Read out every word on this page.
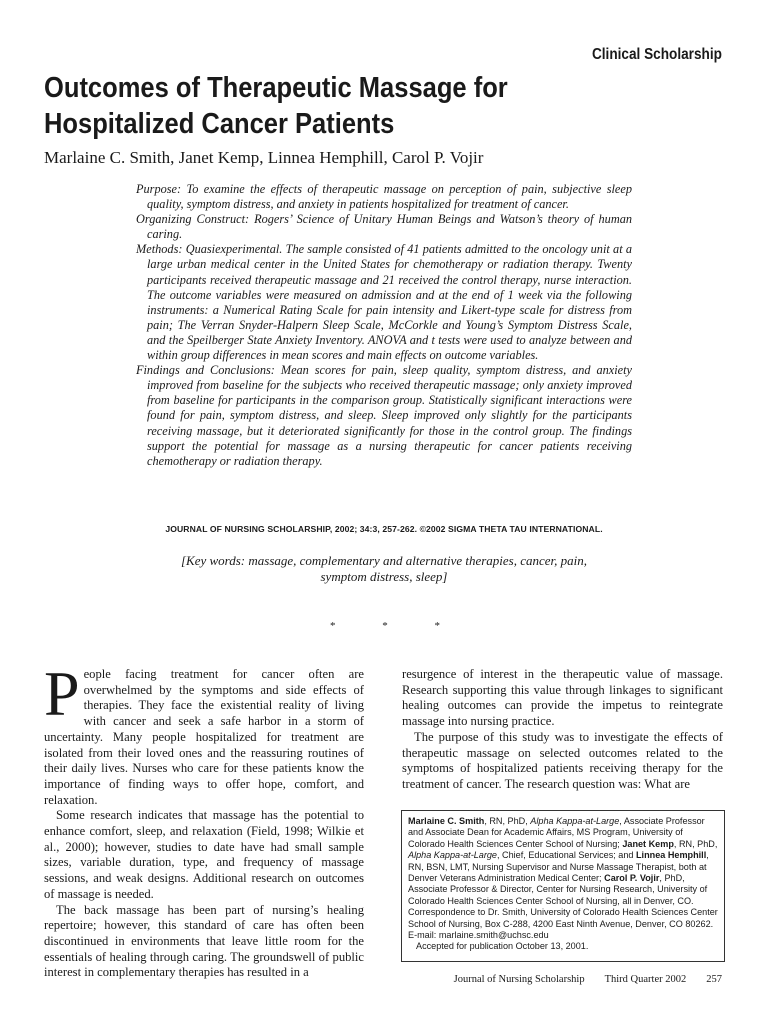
Clinical Scholarship
Outcomes of Therapeutic Massage for Hospitalized Cancer Patients
Marlaine C. Smith, Janet Kemp, Linnea Hemphill, Carol P. Vojir

Purpose: To examine the effects of therapeutic massage on perception of pain, subjective sleep quality, symptom distress, and anxiety in patients hospitalized for treatment of cancer.

Organizing Construct: Rogers’ Science of Unitary Human Beings and Watson’s theory of human caring.

Methods: Quasiexperimental. The sample consisted of 41 patients admitted to the oncology unit at a large urban medical center in the United States for chemotherapy or radiation therapy. Twenty participants received therapeutic massage and 21 received the control therapy, nurse interaction. The outcome variables were measured on admission and at the end of 1 week via the following instruments: a Numerical Rating Scale for pain intensity and Likert-type scale for distress from pain; The Verran Snyder-Halpern Sleep Scale, McCorkle and Young’s Symptom Distress Scale, and the Speilberger State Anxiety Inventory. ANOVA and t tests were used to analyze between and within group differences in mean scores and main effects on outcome variables.

Findings and Conclusions: Mean scores for pain, sleep quality, symptom distress, and anxiety improved from baseline for the subjects who received therapeutic massage; only anxiety improved from baseline for participants in the comparison group. Statistically significant interactions were found for pain, symptom distress, and sleep. Sleep improved only slightly for the participants receiving massage, but it deteriorated significantly for those in the control group. The findings support the potential for massage as a nursing therapeutic for cancer patients receiving chemotherapy or radiation therapy.

JOURNAL OF NURSING SCHOLARSHIP, 2002; 34:3, 257-262. ©2002 SIGMA THETA TAU INTERNATIONAL.
[Key words: massage, complementary and alternative therapies, cancer, pain, symptom distress, sleep]
*	*	*

People facing treatment for cancer often are overwhelmed by the symptoms and side effects of therapies. They face the existential reality of living with cancer and seek a safe harbor in a storm of uncertainty. Many people hospitalized for treatment are isolated from their loved ones and the reassuring routines of their daily lives. Nurses who care for these patients know the importance of finding ways to offer hope, comfort, and relaxation.

Some research indicates that massage has the potential to enhance comfort, sleep, and relaxation (Field, 1998; Wilkie et al., 2000); however, studies to date have had small sample sizes, variable duration, type, and frequency of massage sessions, and weak designs. Additional research on outcomes of massage is needed.

The back massage has been part of nursing’s healing repertoire; however, this standard of care has often been discontinued in environments that leave little room for the essentials of healing through caring. The groundswell of public interest in complementary therapies has resulted in a

resurgence of interest in the therapeutic value of massage. Research supporting this value through linkages to significant healing outcomes can provide the impetus to reintegrate massage into nursing practice.

The purpose of this study was to investigate the effects of therapeutic massage on selected outcomes related to the symptoms of hospitalized patients receiving therapy for the treatment of cancer. The research question was: What are

Marlaine C. Smith, RN, PhD, Alpha Kappa-at-Large, Associate Professor and Associate Dean for Academic Affairs, MS Program, University of Colorado Health Sciences Center School of Nursing; Janet Kemp, RN, PhD, Alpha Kappa-at-Large, Chief, Educational Services; and Linnea Hemphill, RN, BSN, LMT, Nursing Supervisor and Nurse Massage Therapist, both at Denver Veterans Administration Medical Center; Carol P. Vojir, PhD, Associate Professor & Director, Center for Nursing Research, University of Colorado Health Sciences Center School of Nursing, all in Denver, CO. Correspondence to Dr. Smith, University of Colorado Health Sciences Center School of Nursing, Box C-288, 4200 East Ninth Avenue, Denver, CO 80262. E-mail: marlaine.smith@uchsc.edu

Accepted for publication October 13, 2001.

Journal of Nursing Scholarship Third Quarter 2002 257
